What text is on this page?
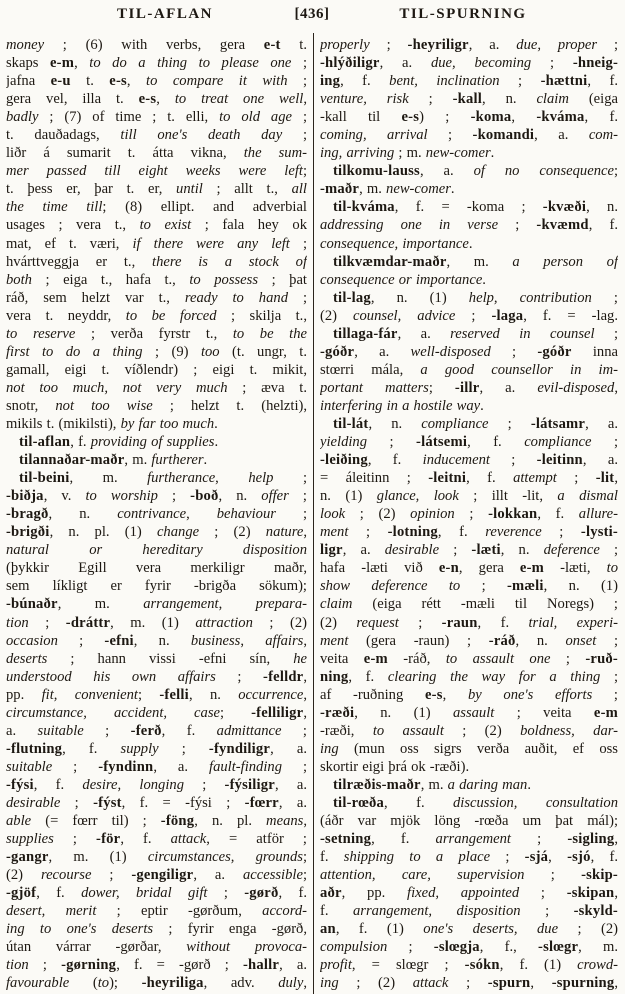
TIL-AFLAN	[436]	TIL-SPURNING
money ; (6) with verbs, gera e-t t.
skaps e-m, to do a thing to please one ;
jafna e-u t. e-s, to compare it with ;
gera vel, illa t. e-s, to treat one well,
badly ; (7) of time ; t. elli, to old age ;
t. dauðadags, till one's death day ;
liðr á sumarit t. átta vikna, the sum-
mer passed till eight weeks were left;
t. þess er, þar t. er, until ; allt t., all
the time till; (8) ellipt. and adverbial
usages ; vera t., to exist ; fala hey ok
mat, ef t. væri, if there were any left ;
hvárttveggja er t., there is a stock of
both ; eiga t., hafa t., to possess ; þat
ráð, sem helzt var t., ready to hand ;
vera t. neyddr, to be forced ; skilja t.,
to reserve ; verða fyrstr t., to be the
first to do a thing ; (9) too (t. ungr, t.
gamall, eigi t. víðlendr) ; eigi t. mikit,
not too much, not very much ; æva t.
snotr, not too wise ; helzt t. (helzti),
mikils t. (mikilsti), by far too much.
til-aflan, f. providing of supplies.
tilannaðar-maðr, m. furtherer.
til-beini, m. furtherance, help ;
-biðja, v. to worship ; -boð, n. offer ;
-bragð, n. contrivance, behaviour ;
-brigði, n. pl. (1) change ; (2) nature,
natural or hereditary disposition
(þykkir Egill vera merkiligr maðr,
sem líkligt er fyrir -brigða sökum);
-búnaðr, m. arrangement, prepara-
tion ; -dráttr, m. (1) attraction ; (2)
occasion ; -efni, n. business, affairs,
deserts ; hann vissi -efni sín, he
understood his own affairs ; -felldr,
pp. fit, convenient; -felli, n. occurrence,
circumstance, accident, case; -felliligr,
a. suitable ; -ferð, f. admittance ;
-flutning, f. supply ; -fyndiligr, a.
suitable ; -fyndinn, a. fault-finding ;
-fýsi, f. desire, longing ; -fýsiligr, a.
desirable ; -fýst, f. = -fýsi ; -fœrr, a.
able (= fœrr til) ; -föng, n. pl. means,
supplies ; -för, f. attack, = atför ;
-gangr, m. (1) circumstances, grounds;
(2) recourse ; -gengiligr, a. accessible;
-gjöf, f. dower, bridal gift ; -gørð, f.
desert, merit ; eptir -gørðum, accord-
ing to one's deserts ; fyrir enga -gørð,
útan várrar -gørðar, without provoca-
tion ; -gørning, f. = -gørð ; -hallr, a.
favourable (to); -heyriliga, adv. duly,
properly ; -heyriligr, a. due, proper ;
-hlýðiligr, a. due, becoming ; -hneig-
ing, f. bent, inclination ; -hættni, f.
venture, risk ; -kall, n. claim (eiga
-kall til e-s) ; -koma, -kváma, f.
coming, arrival ; -komandi, a. com-
ing, arriving ; m. new-comer.
tilkomu-lauss, a. of no consequence;
-maðr, m. new-comer.
til-kváma, f. = -koma ; -kvæði, n.
addressing one in verse ; -kvæmd, f.
consequence, importance.
tilkvæmdar-maðr, m. a person of
consequence or importance.
til-lag, n. (1) help, contribution ;
(2) counsel, advice ; -laga, f. = -lag.
tillaga-fár, a. reserved in counsel ;
-góðr, a. well-disposed ; -góðr inna
stœrri mála, a good counsellor in im-
portant matters; -illr, a. evil-disposed,
interfering in a hostile way.
til-lát, n. compliance ; -látsamr, a.
yielding ; -látsemi, f. compliance ;
-leiðing, f. inducement ; -leitinn, a.
= áleitinn ; -leitni, f. attempt ; -lit,
n. (1) glance, look ; illt -lit, a dismal
look ; (2) opinion ; -lokkan, f. allure-
ment ; -lotning, f. reverence ; -lysti-
ligr, a. desirable ; -læti, n. deference ;
hafa -læti við e-n, gera e-m -læti, to
show deference to ; -mæli, n. (1)
claim (eiga rétt -mæli til Noregs) ;
(2) request ; -raun, f. trial, experi-
ment (gera -raun) ; -ráð, n. onset ;
veita e-m -ráð, to assault one ; -ruð-
ning, f. clearing the way for a thing ;
af -ruðning e-s, by one's efforts ;
-ræði, n. (1) assault ; veita e-m
-ræði, to assault ; (2) boldness, dar-
ing (mun oss sigrs verða auðit, ef oss
skortir eigi þrá ok -ræði).
tilræðis-maðr, m. a daring man.
til-rœða, f. discussion, consultation
(áðr var mjök löng -rœða um þat mál);
-setning, f. arrangement ; -sigling,
f. shipping to a place ; -sjá, -sjó, f.
attention, care, supervision ; -skip-
aðr, pp. fixed, appointed ; -skipan,
f. arrangement, disposition ; -skyld-
an, f. (1) one's deserts, due ; (2)
compulsion ; -slœgja, f., -slœgr, m.
profit, = slœgr ; -sókn, f. (1) crowd-
ing ; (2) attack ; -spurn, -spurning,
